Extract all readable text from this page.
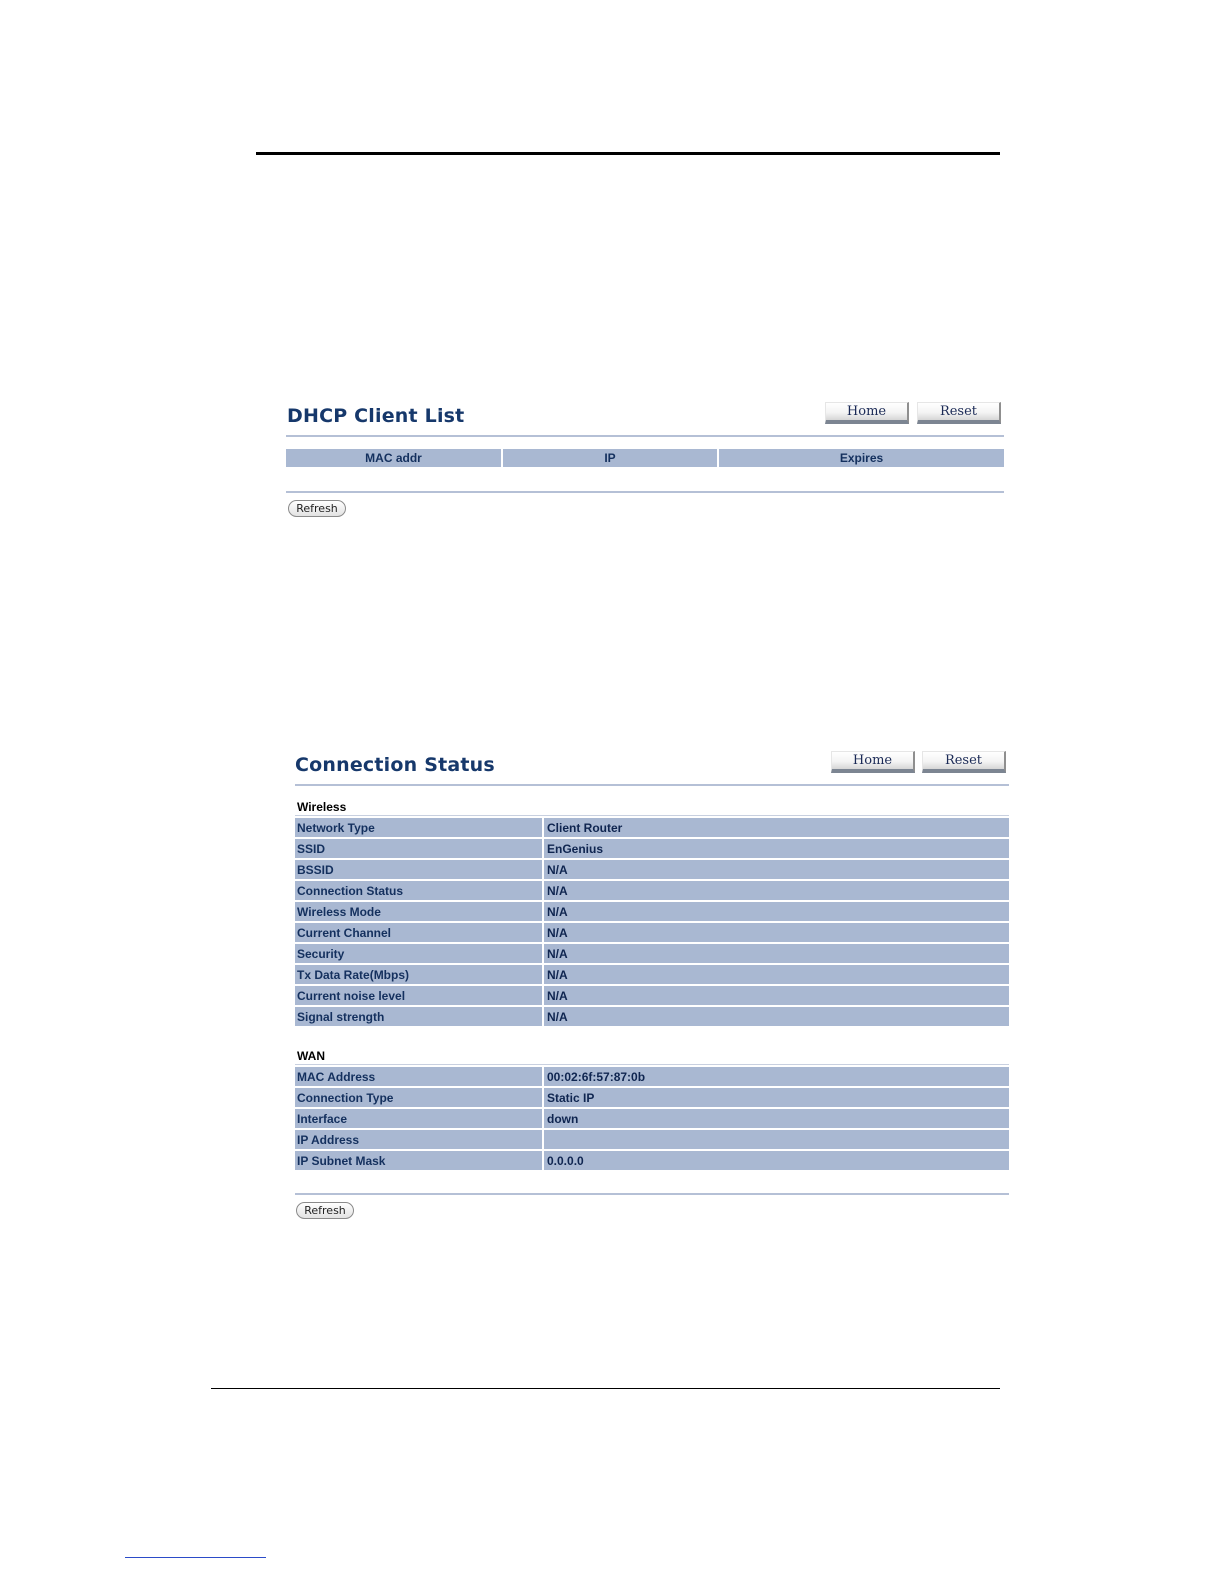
DHCP Client List	Home	Reset
MAC addr	IP	Expires
Refresh
Connection Status	Home	Reset
Wireless
Network Type	Client Router
SSID	EnGenius
BSSID	N/A
Connection Status	N/A
Wireless Mode	N/A
Current Channel	N/A
Security	N/A
Tx Data Rate(Mbps)	N/A
Current noise level	N/A
Signal strength	N/A
WAN
MAC Address	00:02:6f:57:87:0b
Connection Type	Static IP
Interface	down
IP Address
IP Subnet Mask	0.0.0.0
Refresh
